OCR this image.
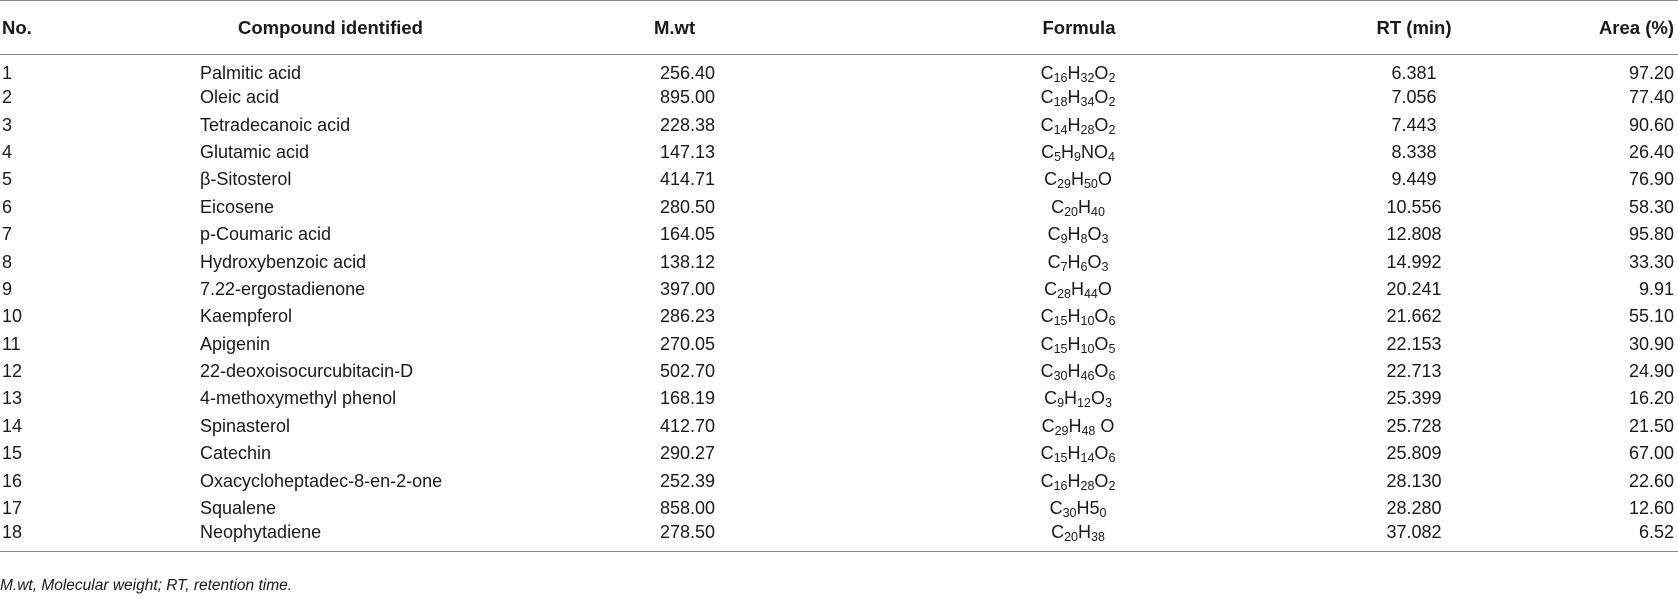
No.	Compound identified	M.wt	Formula	RT (min)	Area (%)
1	Palmitic acid	256.40	$C_{16}H_{32}O_2$	6.381	97.20
2	Oleic acid	895.00	$C_{18}H_{34}O_2$	7.056	77.40
3	Tetradecanoic acid	228.38	$C_{14}H_{28}O_2$	7.443	90.60
4	Glutamic acid	147.13	$C_5H_9NO_4$	8.338	26.40
5	β-Sitosterol	414.71	$C_{29}H_{50}O$	9.449	76.90
6	Eicosene	280.50	$C_{20}H_{40}$	10.556	58.30
7	p-Coumaric acid	164.05	$C_9H_8O_3$	12.808	95.80
8	Hydroxybenzoic acid	138.12	$C_7H_6O_3$	14.992	33.30
9	7.22-ergostadienone	397.00	$C_{28}H_{44}O$	20.241	9.91
10	Kaempferol	286.23	$C_{15}H_{10}O_6$	21.662	55.10
11	Apigenin	270.05	$C_{15}H_{10}O_5$	22.153	30.90
12	22-deoxoisocurcubitacin-D	502.70	$C_{30}H_{46}O_6$	22.713	24.90
13	4-methoxymethyl phenol	168.19	$C_9H_{12}O_3$	25.399	16.20
14	Spinasterol	412.70	$C_{29}H_{48}$ O	25.728	21.50
15	Catechin	290.27	$C_{15}H_{14}O_6$	25.809	67.00
16	Oxacycloheptadec-8-en-2-one	252.39	$C_{16}H_{28}O_2$	28.130	22.60
17	Squalene	858.00	$C_{30}H5_0$	28.280	12.60
18	Neophytadiene	278.50	$C_{20}H_{38}$	37.082	6.52
M.wt, Molecular weight; RT, retention time.
